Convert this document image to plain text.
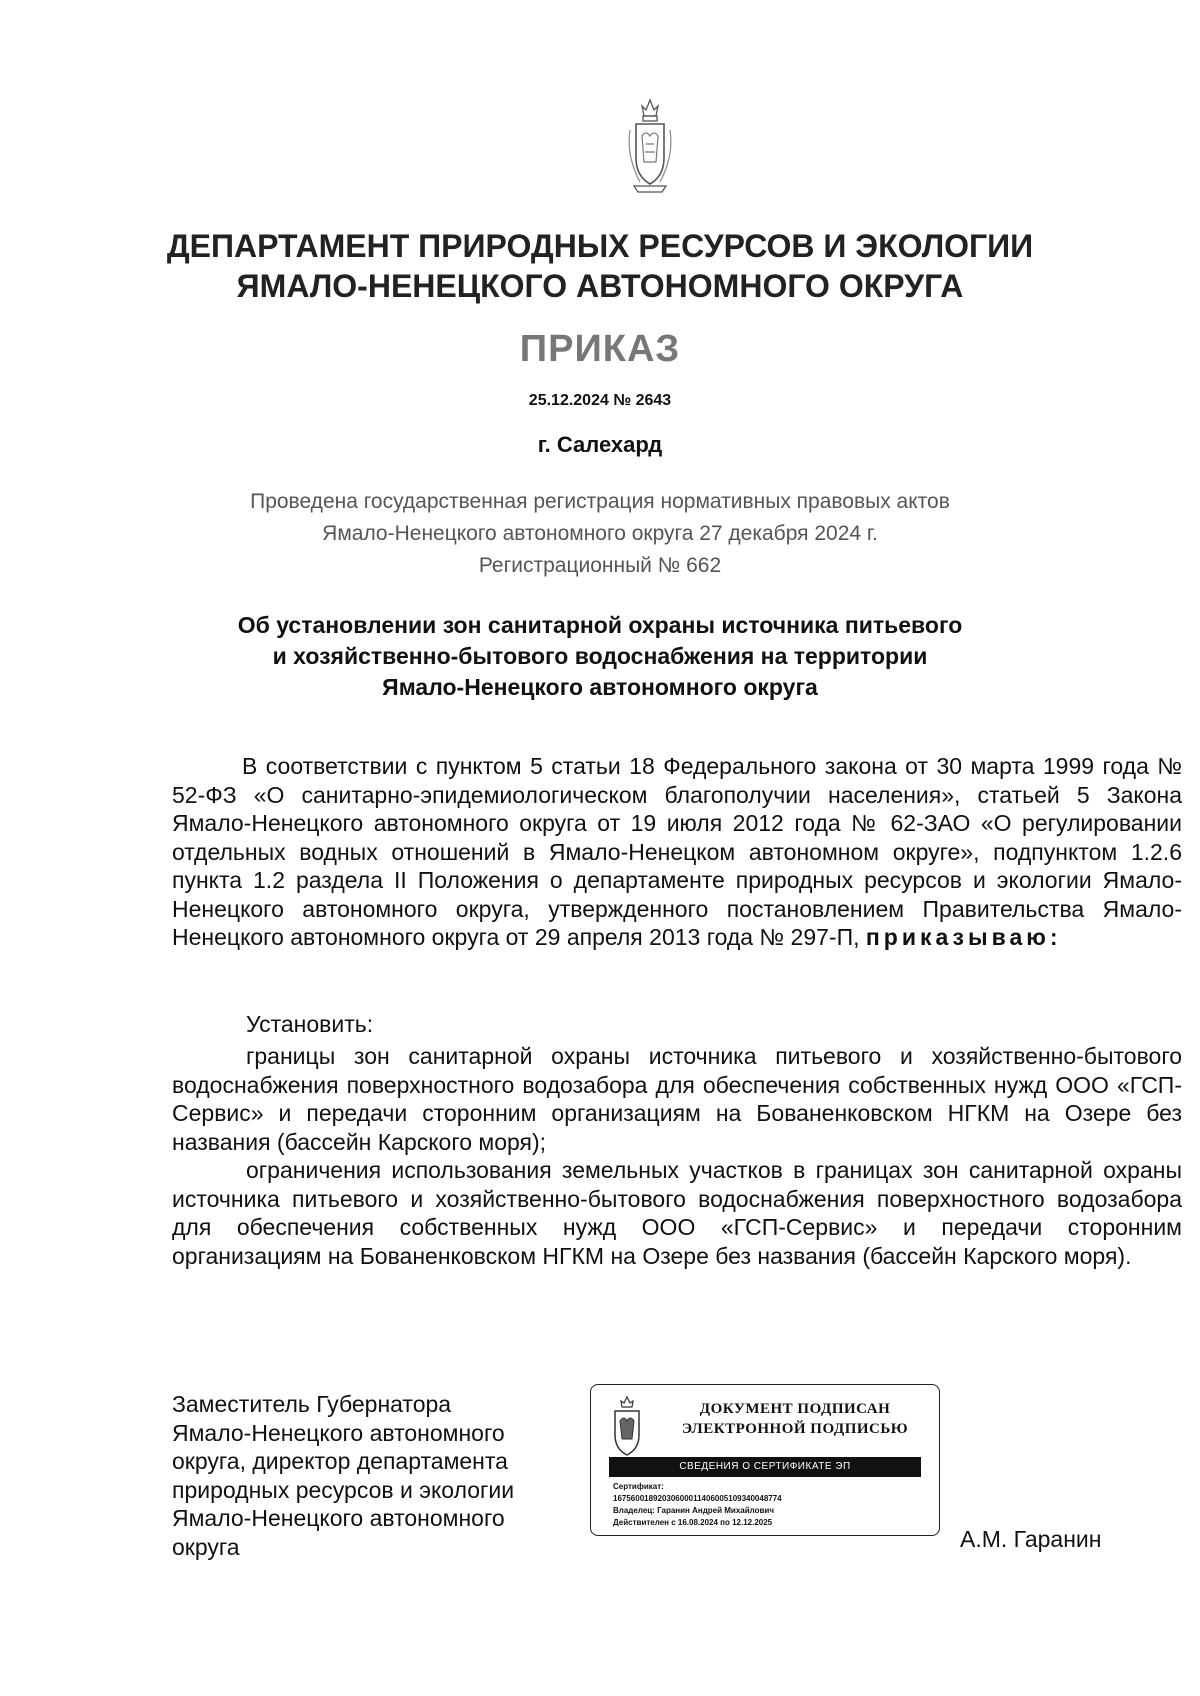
ДЕПАРТАМЕНТ ПРИРОДНЫХ РЕСУРСОВ И ЭКОЛОГИИ
ЯМАЛО-НЕНЕЦКОГО АВТОНОМНОГО ОКРУГА
ПРИКАЗ
25.12.2024 № 2643
г. Салехард
Проведена государственная регистрация нормативных правовых актов
Ямало-Ненецкого автономного округа 27 декабря 2024 г.
Регистрационный № 662
Об установлении зон санитарной охраны источника питьевого
и хозяйственно-бытового водоснабжения на территории
Ямало-Ненецкого автономного округа
В соответствии с пунктом 5 статьи 18 Федерального закона от 30 марта 1999 года № 52-ФЗ «О санитарно-эпидемиологическом благополучии населения», статьей 5 Закона Ямало-Ненецкого автономного округа от 19 июля 2012 года № 62-ЗАО «О регулировании отдельных водных отношений в Ямало-Ненецком автономном округе», подпунктом 1.2.6 пункта 1.2 раздела II Положения о департаменте природных ресурсов и экологии Ямало-Ненецкого автономного округа, утвержденного постановлением Правительства Ямало-Ненецкого автономного округа от 29 апреля 2013 года № 297-П, приказываю:
Установить:
границы зон санитарной охраны источника питьевого и хозяйственно-бытового водоснабжения поверхностного водозабора для обеспечения собственных нужд ООО «ГСП-Сервис» и передачи сторонним организациям на Бованенковском НГКМ на Озере без названия (бассейн Карского моря);
ограничения использования земельных участков в границах зон санитарной охраны источника питьевого и хозяйственно-бытового водоснабжения поверхностного водозабора для обеспечения собственных нужд ООО «ГСП-Сервис» и передачи сторонним организациям на Бованенковском НГКМ на Озере без названия (бассейн Карского моря).
Заместитель Губернатора
Ямало-Ненецкого автономного
округа, директор департамента
природных ресурсов и экологии
Ямало-Ненецкого автономного
округа
ДОКУМЕНТ ПОДПИСАН
ЭЛЕКТРОННОЙ ПОДПИСЬЮ
СВЕДЕНИЯ О СЕРТИФИКАТЕ ЭП
Сертификат:
16756001892030600011406005109340048774
Владелец: Гаранин Андрей Михайлович
Действителен с 16.08.2024 по 12.12.2025
А.М. Гаранин
